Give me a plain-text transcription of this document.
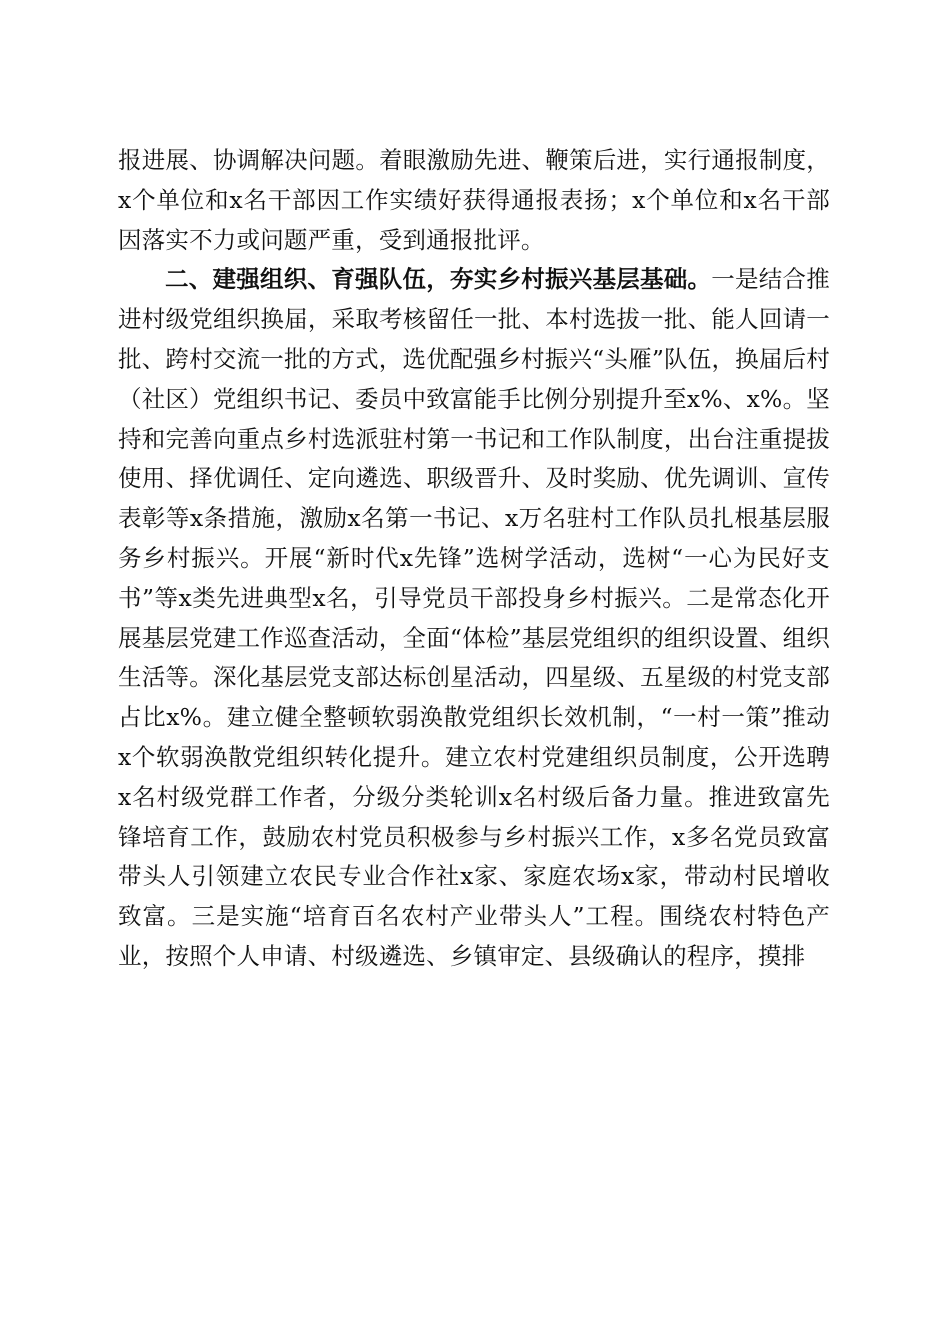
报进展、协调解决问题。着眼激励先进、鞭策后进，实行通报制度，x个单位和x名干部因工作实绩好获得通报表扬；x个单位和x名干部因落实不力或问题严重，受到通报批评。

二、建强组织、育强队伍，夯实乡村振兴基层基础。一是结合推进村级党组织换届，采取考核留任一批、本村选拔一批、能人回请一批、跨村交流一批的方式，选优配强乡村振兴“头雁”队伍，换届后村（社区）党组织书记、委员中致富能手比例分别提升至x%、x%。坚持和完善向重点乡村选派驻村第一书记和工作队制度，出台注重提拔使用、择优调任、定向遴选、职级晋升、及时奖励、优先调训、宣传表彰等x条措施，激励x名第一书记、x万名驻村工作队员扎根基层服务乡村振兴。开展“新时代x先锋”选树学活动，选树“一心为民好支书”等x类先进典型x名，引导党员干部投身乡村振兴。二是常态化开展基层党建工作巡查活动，全面“体检”基层党组织的组织设置、组织生活等。深化基层党支部达标创星活动，四星级、五星级的村党支部占比x%。建立健全整顿软弱涣散党组织长效机制，“一村一策”推动x个软弱涣散党组织转化提升。建立农村党建组织员制度，公开选聘x名村级党群工作者，分级分类轮训x名村级后备力量。推进致富先锋培育工作，鼓励农村党员积极参与乡村振兴工作，x多名党员致富带头人引领建立农民专业合作社x家、家庭农场x家，带动村民增收致富。三是实施“培育百名农村产业带头人”工程。围绕农村特色产业，按照个人申请、村级遴选、乡镇审定、县级确认的程序，摸排
